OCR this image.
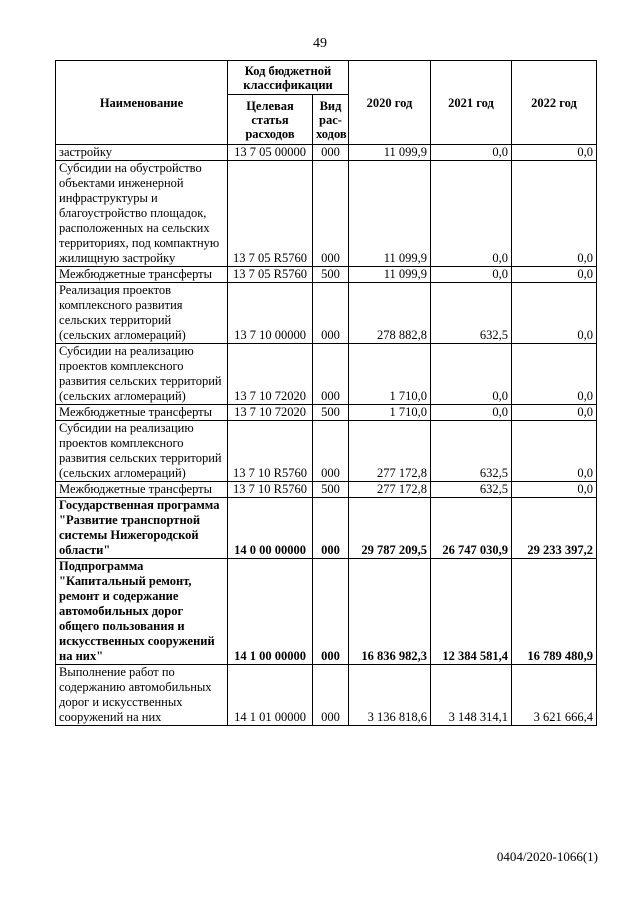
49
Наименование	Код бюджетной классификации		2020 год	2021 год	2022 год
	Целевая статья расходов	Вид рас-ходов			
застройку	13 7 05 00000	000	11 099,9	0,0	0,0
Субсидии на обустройство объектами инженерной инфраструктуры и благоустройство площадок, расположенных на сельских территориях, под компактную жилищную застройку	13 7 05 R5760	000	11 099,9	0,0	0,0
Межбюджетные трансферты	13 7 05 R5760	500	11 099,9	0,0	0,0
Реализация проектов комплексного развития сельских территорий (сельских агломераций)	13 7 10 00000	000	278 882,8	632,5	0,0
Субсидии на реализацию проектов комплексного развития сельских территорий (сельских агломераций)	13 7 10 72020	000	1 710,0	0,0	0,0
Межбюджетные трансферты	13 7 10 72020	500	1 710,0	0,0	0,0
Субсидии на реализацию проектов комплексного развития сельских территорий (сельских агломераций)	13 7 10 R5760	000	277 172,8	632,5	0,0
Межбюджетные трансферты	13 7 10 R5760	500	277 172,8	632,5	0,0
Государственная программа "Развитие транспортной системы Нижегородской области"	14 0 00 00000	000	29 787 209,5	26 747 030,9	29 233 397,2
Подпрограмма "Капитальный ремонт, ремонт и содержание автомобильных дорог общего пользования и искусственных сооружений на них"	14 1 00 00000	000	16 836 982,3	12 384 581,4	16 789 480,9
Выполнение работ по содержанию автомобильных дорог и искусственных сооружений на них	14 1 01 00000	000	3 136 818,6	3 148 314,1	3 621 666,4
0404/2020-1066(1)
